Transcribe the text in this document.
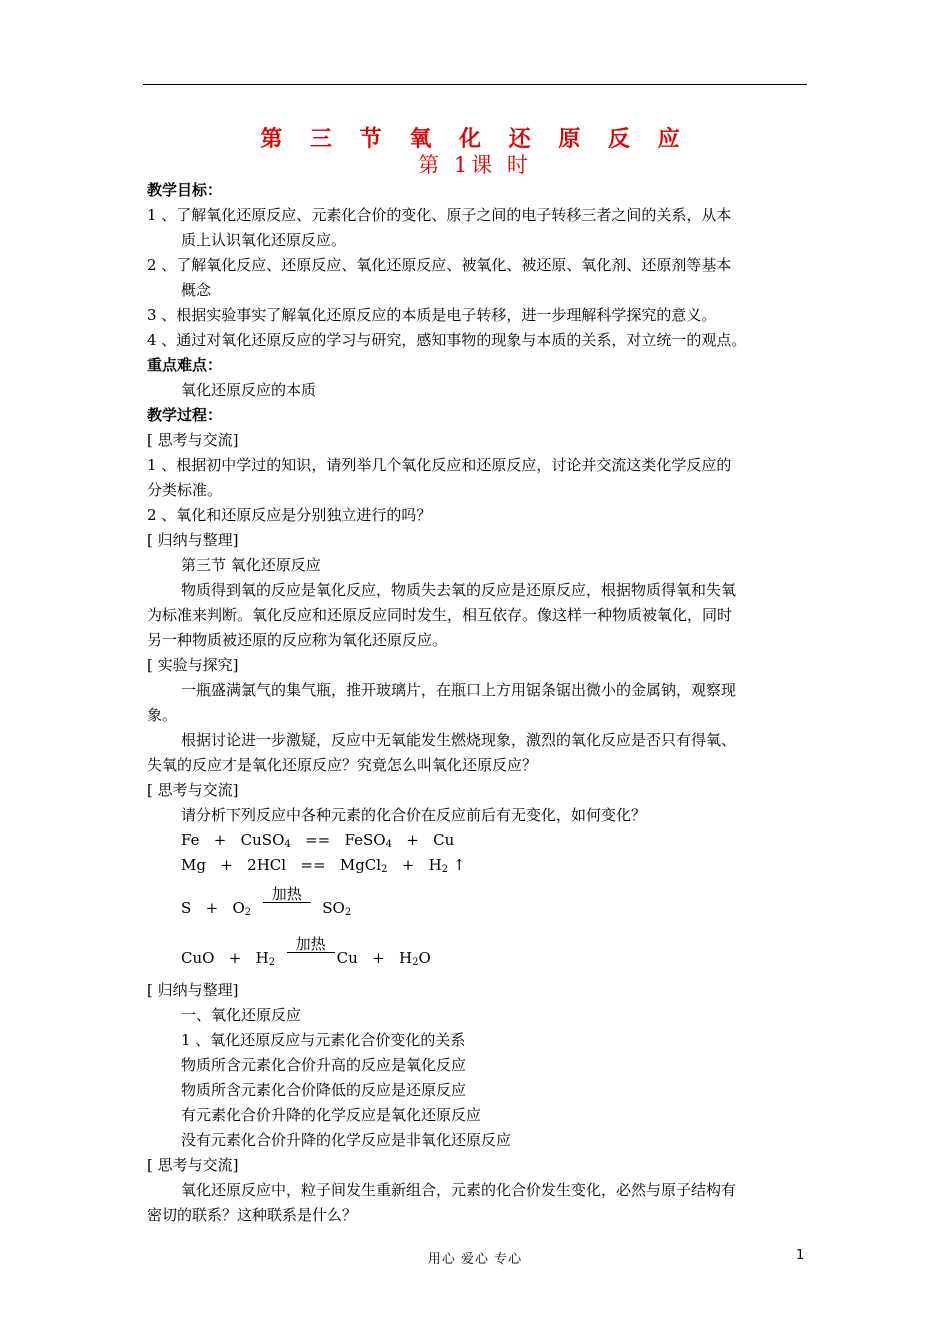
第 三 节 氧 化 还 原 反 应
第 1课 时
教学目标：
1 、了解氧化还原反应、元素化合价的变化、原子之间的电子转移三者之间的关系，从本
质上认识氧化还原反应。
2 、了解氧化反应、还原反应、氧化还原反应、被氧化、被还原、氧化剂、还原剂等基本
概念
3 、根据实验事实了解氧化还原反应的本质是电子转移，进一步理解科学探究的意义。
4 、通过对氧化还原反应的学习与研究，感知事物的现象与本质的关系，对立统一的观点。
重点难点：
氧化还原反应的本质
教学过程：
[ 思考与交流]
1 、根据初中学过的知识，请列举几个氧化反应和还原反应，讨论并交流这类化学反应的
分类标准。
2 、氧化和还原反应是分别独立进行的吗？
[ 归纳与整理]
第三节 氧化还原反应
物质得到氧的反应是氧化反应，物质失去氧的反应是还原反应，根据物质得氧和失氧
为标准来判断。氧化反应和还原反应同时发生，相互依存。像这样一种物质被氧化，同时
另一种物质被还原的反应称为氧化还原反应。
[ 实验与探究]
一瓶盛满氯气的集气瓶，推开玻璃片，在瓶口上方用锯条锯出微小的金属钠，观察现
象。
根据讨论进一步激疑，反应中无氧能发生燃烧现象，激烈的氧化反应是否只有得氧、
失氧的反应才是氧化还原反应？究竟怎么叫氧化还原反应？
[ 思考与交流]
请分析下列反应中各种元素的化合价在反应前后有无变化，如何变化？
Fe + CuSO$_4$ == FeSO$_4$ + Cu
Mg + 2HCl == MgCl$_2$ + $H_2$ ↑
$S + O_2$
加热
$SO_2$
CuO + $H_2$
加热
$Cu + H_2O$
[ 归纳与整理]
一、氧化还原反应
1 、氧化还原反应与元素化合价变化的关系
物质所含元素化合价升高的反应是氧化反应
物质所含元素化合价降低的反应是还原反应
有元素化合价升降的化学反应是氧化还原反应
没有元素化合价升降的化学反应是非氧化还原反应
[ 思考与交流]
氧化还原反应中，粒子间发生重新组合，元素的化合价发生变化，必然与原子结构有
密切的联系？这种联系是什么？
用心 爱心 专心	1
